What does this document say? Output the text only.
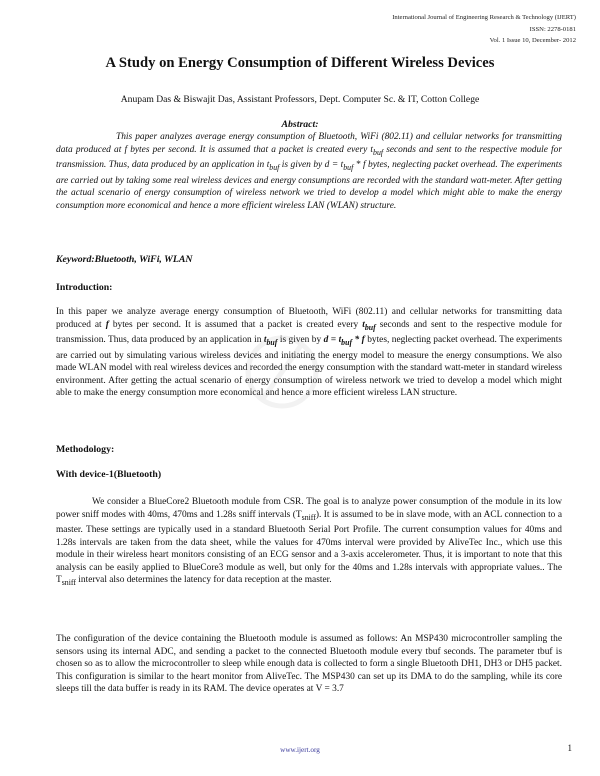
International Journal of Engineering Research & Technology (IJERT)
ISSN: 2278-0181
Vol. 1 Issue 10, December- 2012
A Study on Energy Consumption of Different Wireless Devices
Anupam Das & Biswajit Das, Assistant Professors, Dept. Computer Sc. & IT, Cotton College
Abstract:

This paper analyzes average energy consumption of Bluetooth, WiFi (802.11) and cellular networks for transmitting data produced at f bytes per second. It is assumed that a packet is created every $t_{buf}$ seconds and sent to the respective module for transmission. Thus, data produced by an application in $t_{buf}$ is given by $d = t_{buf} * f$ bytes, neglecting packet overhead. The experiments are carried out by taking some real wireless devices and energy consumptions are recorded with the standard watt-meter. After getting the actual scenario of energy consumption of wireless network we tried to develop a model which might able to make the energy consumption more economical and hence a more efficient wireless LAN (WLAN) structure.

Keyword:Bluetooth, WiFi, WLAN
Introduction:

In this paper we analyze average energy consumption of Bluetooth, WiFi (802.11) and cellular networks for transmitting data produced at f bytes per second. It is assumed that a packet is created every $t_{buf}$ seconds and sent to the respective module for transmission. Thus, data produced by an application in $t_{buf}$ is given by $d = t_{buf} * f$ bytes, neglecting packet overhead. The experiments are carried out by simulating various wireless devices and initiating the energy model to measure the energy consumptions. We also made WLAN model with real wireless devices and recorded the energy consumption with the standard watt-meter in standard wireless environment. After getting the actual scenario of energy consumption of wireless network we tried to develop a model which might able to make the energy consumption more economical and hence a more efficient wireless LAN structure.

Methodology:
With device-1(Bluetooth)

We consider a BlueCore2 Bluetooth module from CSR. The goal is to analyze power consumption of the module in its low power sniff modes with 40ms, 470ms and 1.28s sniff intervals $(T_{sniff})$. It is assumed to be in slave mode, with an ACL connection to a master. These settings are typically used in a standard Bluetooth Serial Port Profile. The current consumption values for 40ms and 1.28s intervals are taken from the data sheet, while the values for 470ms interval were provided by AliveTec Inc., which use this module in their wireless heart monitors consisting of an ECG sensor and a 3-axis accelerometer. Thus, it is important to note that this analysis can be easily applied to BlueCore3 module as well, but only for the 40ms and 1.28s intervals with appropriate values.. The $T_{sniff}$ interval also determines the latency for data reception at the master.

The configuration of the device containing the Bluetooth module is assumed as follows: An MSP430 microcontroller sampling the sensors using its internal ADC, and sending a packet to the connected Bluetooth module every tbuf seconds. The parameter tbuf is chosen so as to allow the microcontroller to sleep while enough data is collected to form a single Bluetooth DH1, DH3 or DH5 packet. This configuration is similar to the heart monitor from AliveTec. The MSP430 can set up its DMA to do the sampling, while its core sleeps till the data buffer is ready in its RAM. The device operates at V = 3.7

www.ijert.org	1
